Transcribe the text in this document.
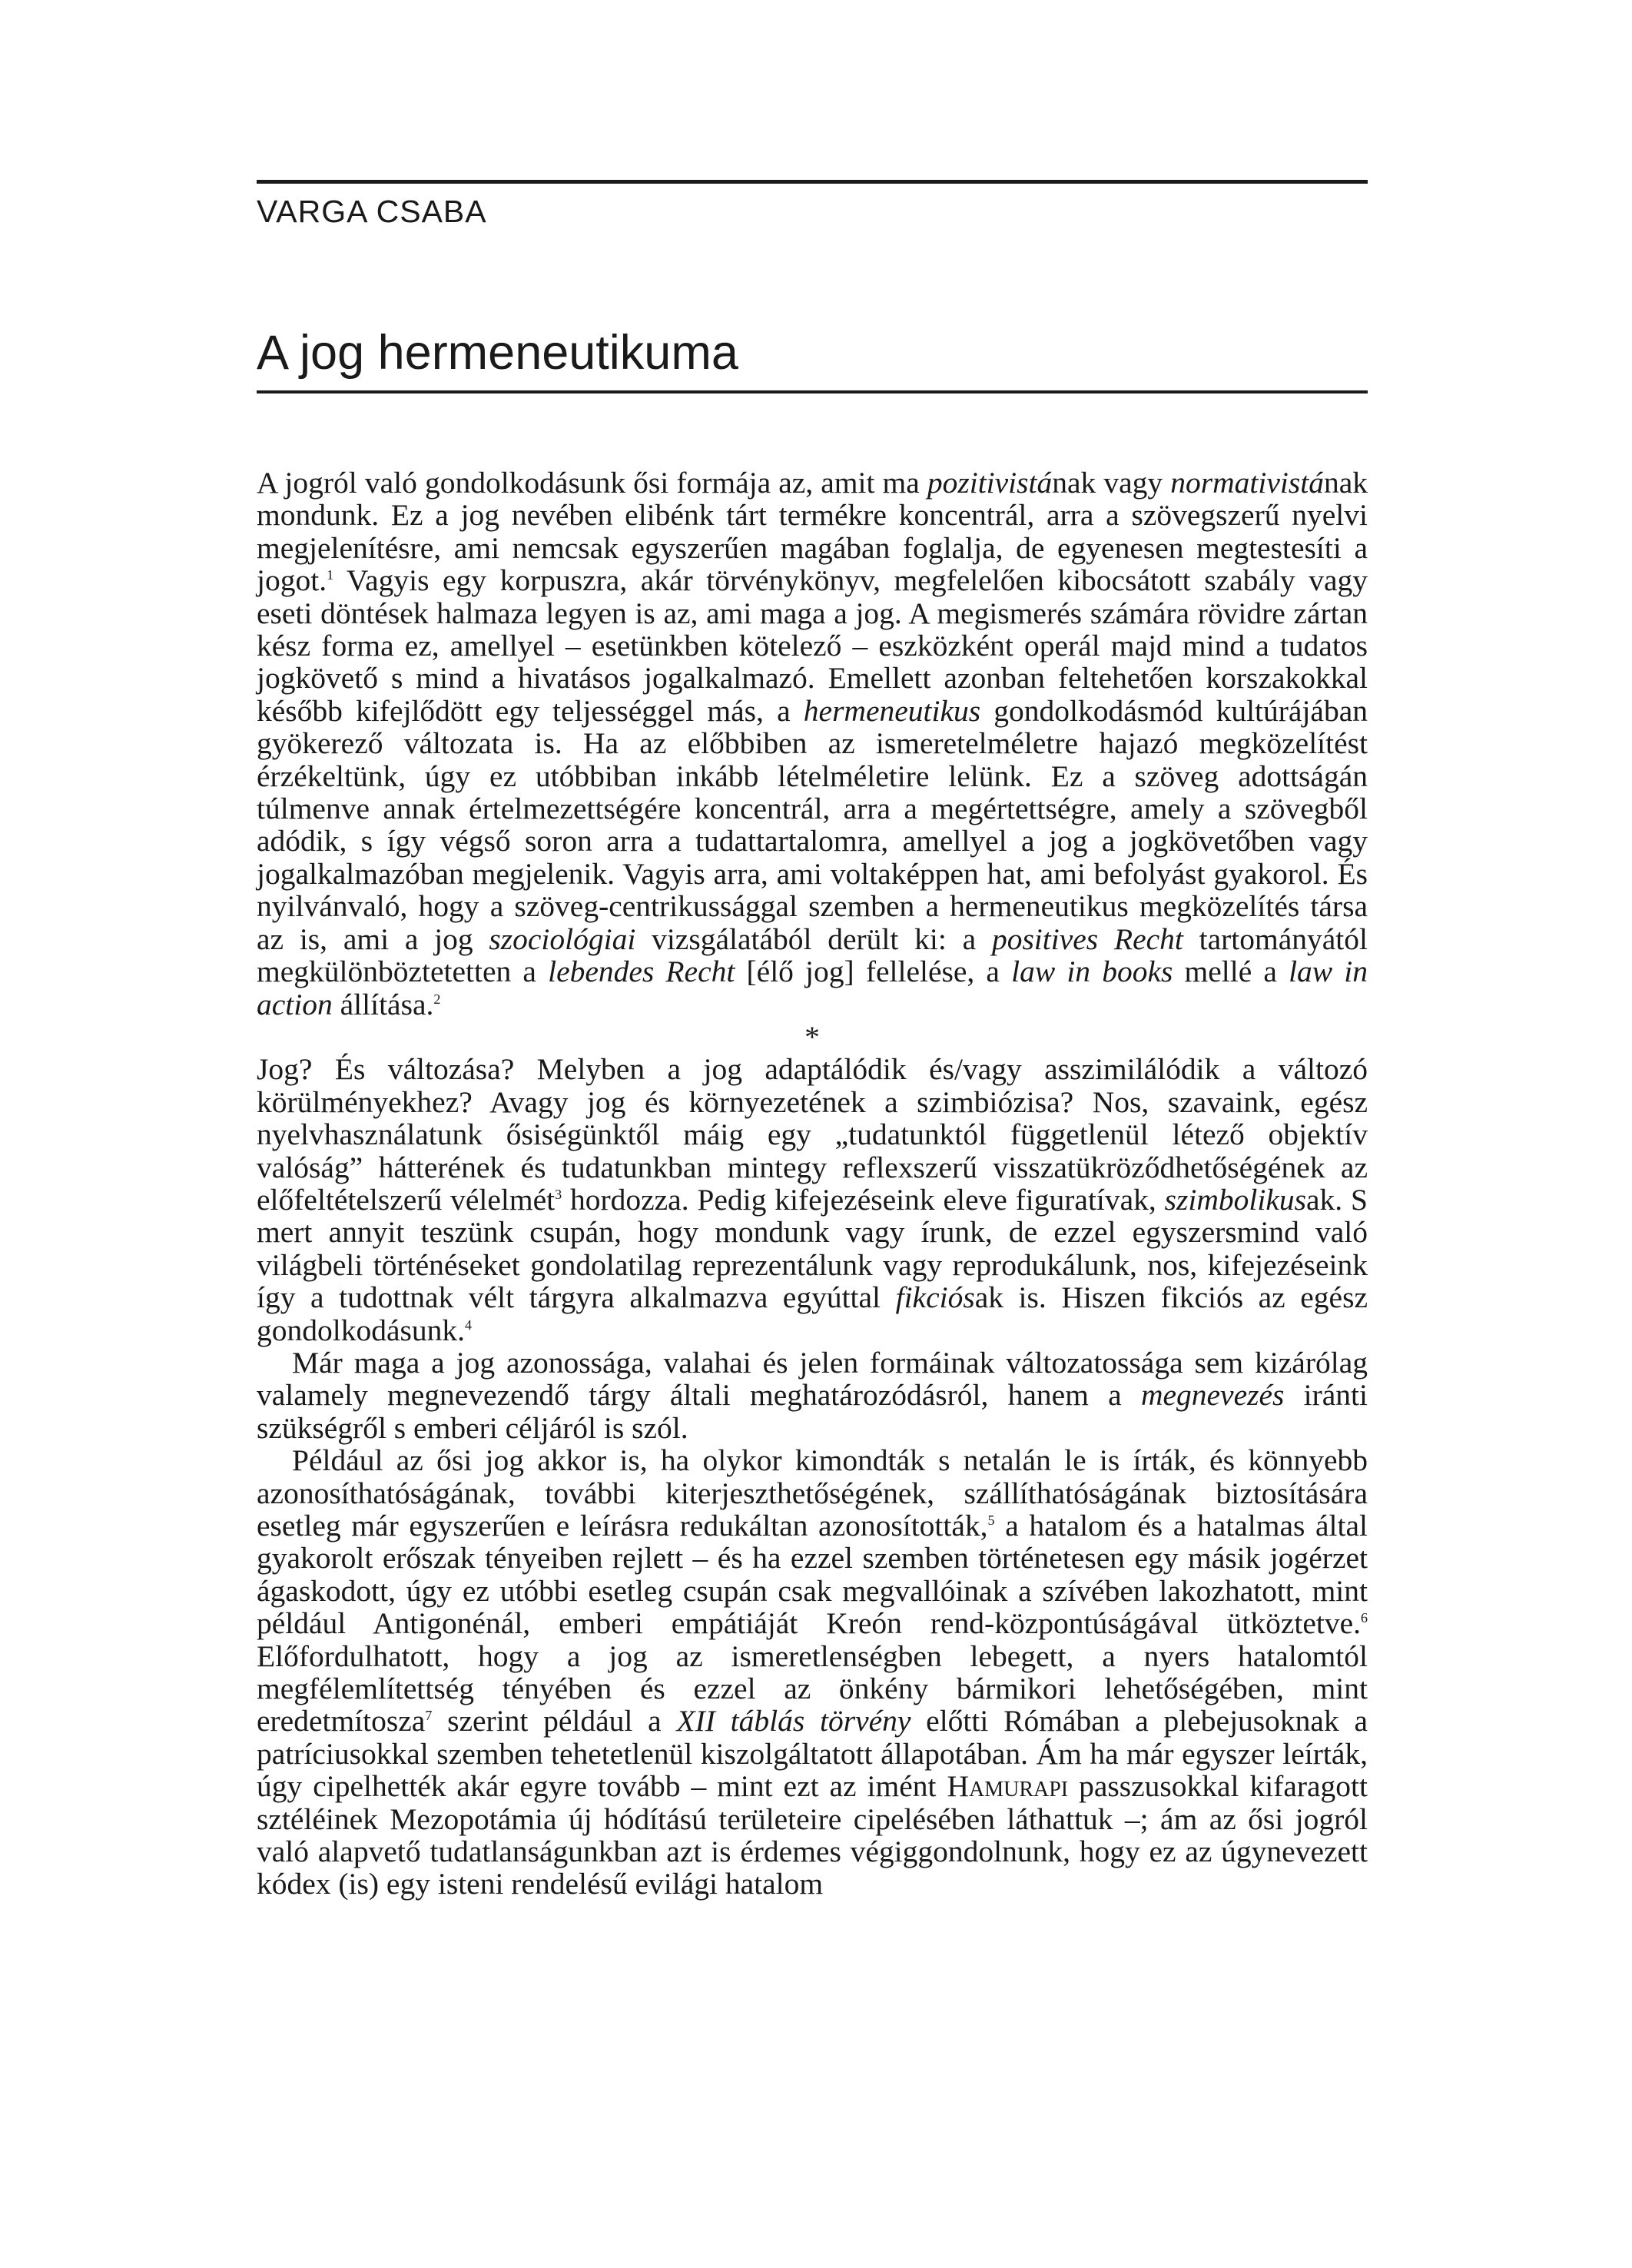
VARGA CSABA
A jog hermeneutikuma

A jogról való gondolkodásunk ősi formája az, amit ma pozitivistának vagy normativistának mondunk. Ez a jog nevében elibénk tárt termékre koncentrál, arra a szövegszerű nyelvi megjelenítésre, ami nemcsak egyszerűen magában foglalja, de egyenesen megtestesíti a jogot.$^1$ Vagyis egy korpuszra, akár törvénykönyv, megfelelően kibocsátott szabály vagy eseti döntések halmaza legyen is az, ami maga a jog. A megismerés számára rövidre zártan kész forma ez, amellyel – esetünkben kötelező – eszközként operál majd mind a tudatos jogkövető s mind a hivatásos jogalkalmazó. Emellett azonban feltehetően korszakokkal később kifejlődött egy teljességgel más, a hermeneutikus gondolkodásmód kultúrájában gyökerező változata is. Ha az előbbiben az ismeretelméletre hajazó megközelítést érzékeltünk, úgy ez utóbbiban inkább lételméletire lelünk. Ez a szöveg adottságán túlmenve annak értelmezettségére koncentrál, arra a megértettségre, amely a szövegből adódik, s így végső soron arra a tudattartalomra, amellyel a jog a jogkövetőben vagy jogalkalmazóban megjelenik. Vagyis arra, ami voltaképpen hat, ami befolyást gyakorol. És nyilvánvaló, hogy a szöveg-centrikussággal szemben a hermeneutikus megközelítés társa az is, ami a jog szociológiai vizsgálatából derült ki: a positives Recht tartományától megkülönböztetetten a lebendes Recht [élő jog] fellelése, a law in books mellé a law in action állítása.$^2$

*

Jog? És változása? Melyben a jog adaptálódik és/vagy asszimilálódik a változó körülményekhez? Avagy jog és környezetének a szimbiózisa? Nos, szavaink, egész nyelvhasználatunk ősiségünktől máig egy „tudatunktól függetlenül létező objektív valóság” hátterének és tudatunkban mintegy reflexszerű visszatükröződhetőségének az előfeltételszerű vélelmét$^3$ hordozza. Pedig kifejezéseink eleve figuratívak, szimbolikusak. S mert annyit teszünk csupán, hogy mondunk vagy írunk, de ezzel egyszersmind való világbeli történéseket gondolatilag reprezentálunk vagy reprodukálunk, nos, kifejezéseink így a tudottnak vélt tárgyra alkalmazva egyúttal fikciósak is. Hiszen fikciós az egész gondolkodásunk.$^4$

Már maga a jog azonossága, valahai és jelen formáinak változatossága sem kizárólag valamely megnevezendő tárgy általi meghatározódásról, hanem a megnevezés iránti szükségről s emberi céljáról is szól.

Például az ősi jog akkor is, ha olykor kimondták s netalán le is írták, és könnyebb azonosíthatóságának, további kiterjeszthetőségének, szállíthatóságának biztosítására esetleg már egyszerűen e leírásra redukáltan azonosították,$^5$ a hatalom és a hatalmas által gyakorolt erőszak tényeiben rejlett – és ha ezzel szemben történetesen egy másik jogérzet ágaskodott, úgy ez utóbbi esetleg csupán csak megvallóinak a szívében lakozhatott, mint például Antigonénál, emberi empátiáját Kreón rend-központúságával ütköztetve.$^6$ Előfordulhatott, hogy a jog az ismeretlenségben lebegett, a nyers hatalomtól megfélemlítettség tényében és ezzel az önkény bármikori lehetőségében, mint eredetmítosza$^7$ szerint például a XII táblás törvény előtti Rómában a plebejusoknak a patríciusokkal szemben tehetetlenül kiszolgáltatott állapotában. Ám ha már egyszer leírták, úgy cipelhették akár egyre tovább – mint ezt az imént Hamurapi passzusokkal kifaragott sztéléinek Mezopotámia új hódítású területeire cipelésében láthattuk –; ám az ősi jogról való alapvető tudatlanságunkban azt is érdemes végiggondolnunk, hogy ez az úgynevezett kódex (is) egy isteni rendelésű evilági hatalom
